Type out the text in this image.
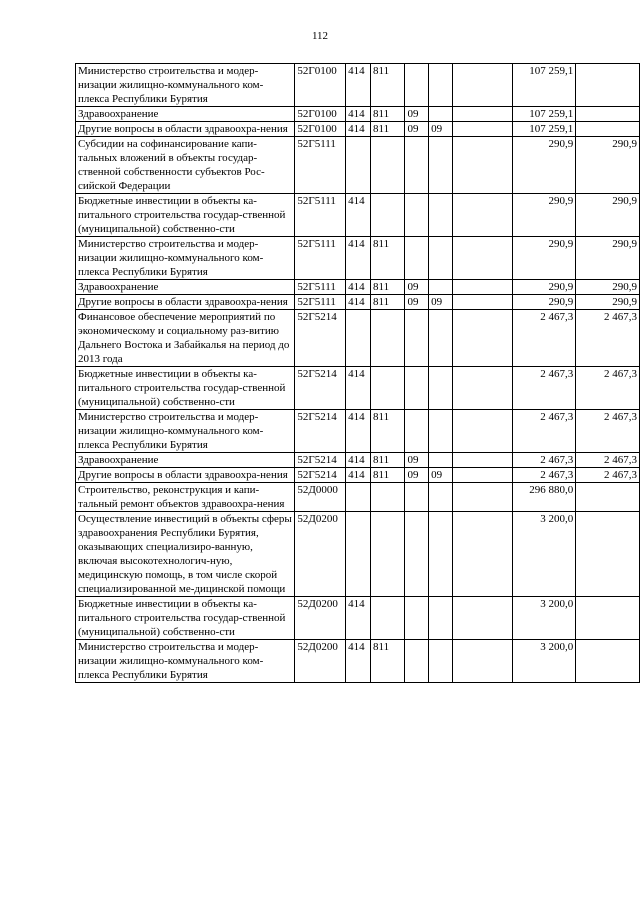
112
Министерство строительства и модер-низации жилищно-коммунального ком-плекса Республики Бурятия	52Г0100	414	811				107 259,1	
Здравоохранение	52Г0100	414	811	09			107 259,1	
Другие вопросы в области здравоохра-нения	52Г0100	414	811	09	09		107 259,1	
Субсидии на софинансирование капи-тальных вложений в объекты государ-ственной собственности субъектов Рос-сийской Федерации	52Г5111						290,9	290,9
Бюджетные инвестиции в объекты ка-питального строительства государ-ственной (муниципальной) собственно-сти	52Г5111	414					290,9	290,9
Министерство строительства и модер-низации жилищно-коммунального ком-плекса Республики Бурятия	52Г5111	414	811				290,9	290,9
Здравоохранение	52Г5111	414	811	09			290,9	290,9
Другие вопросы в области здравоохра-нения	52Г5111	414	811	09	09		290,9	290,9
Финансовое обеспечение мероприятий по экономическому и социальному раз-витию Дальнего Востока и Забайкалья на период до 2013 года	52Г5214						2 467,3	2 467,3
Бюджетные инвестиции в объекты ка-питального строительства государ-ственной (муниципальной) собственно-сти	52Г5214	414					2 467,3	2 467,3
Министерство строительства и модер-низации жилищно-коммунального ком-плекса Республики Бурятия	52Г5214	414	811				2 467,3	2 467,3
Здравоохранение	52Г5214	414	811	09			2 467,3	2 467,3
Другие вопросы в области здравоохра-нения	52Г5214	414	811	09	09		2 467,3	2 467,3
Строительство, реконструкция и капи-тальный ремонт объектов здравоохра-нения	52Д0000						296 880,0	
Осуществление инвестиций в объекты сферы здравоохранения Республики Бурятия, оказывающих специализиро-ванную, включая высокотехнологич-ную, медицинскую помощь, в том числе скорой специализированной ме-дицинской помощи	52Д0200						3 200,0	
Бюджетные инвестиции в объекты ка-питального строительства государ-ственной (муниципальной) собственно-сти	52Д0200	414					3 200,0	
Министерство строительства и модер-низации жилищно-коммунального ком-плекса Республики Бурятия	52Д0200	414	811				3 200,0	
